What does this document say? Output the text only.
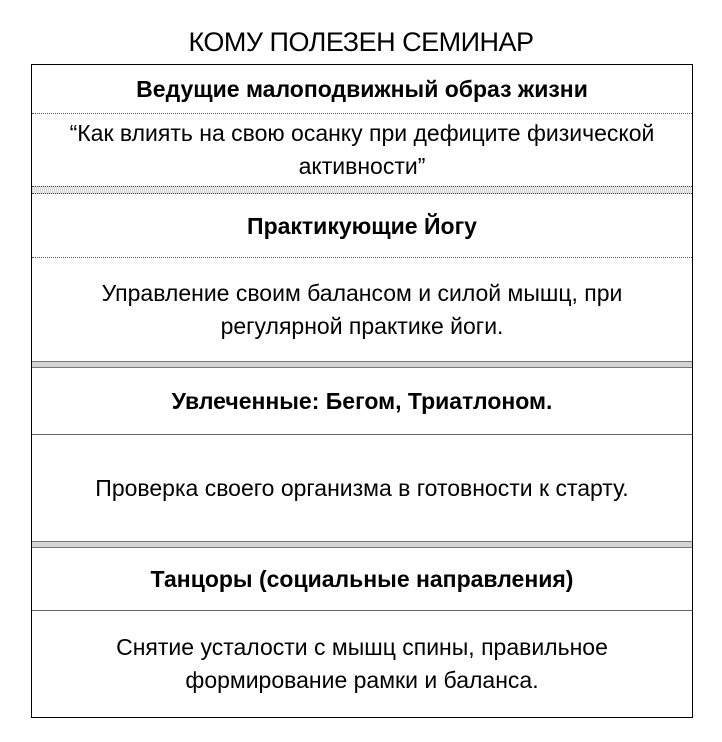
КОМУ ПОЛЕЗЕН СЕМИНАР
Ведущие малоподвижный образ жизни
“Как влиять на свою осанку при дефиците физической активности”
Практикующие Йогу
Управление своим балансом и силой мышц, при регулярной практике йоги.
Увлеченные: Бегом, Триатлоном.
Проверка своего организма в готовности к старту.
Танцоры (социальные направления)
Снятие усталости с мышц спины, правильное формирование рамки и баланса.
